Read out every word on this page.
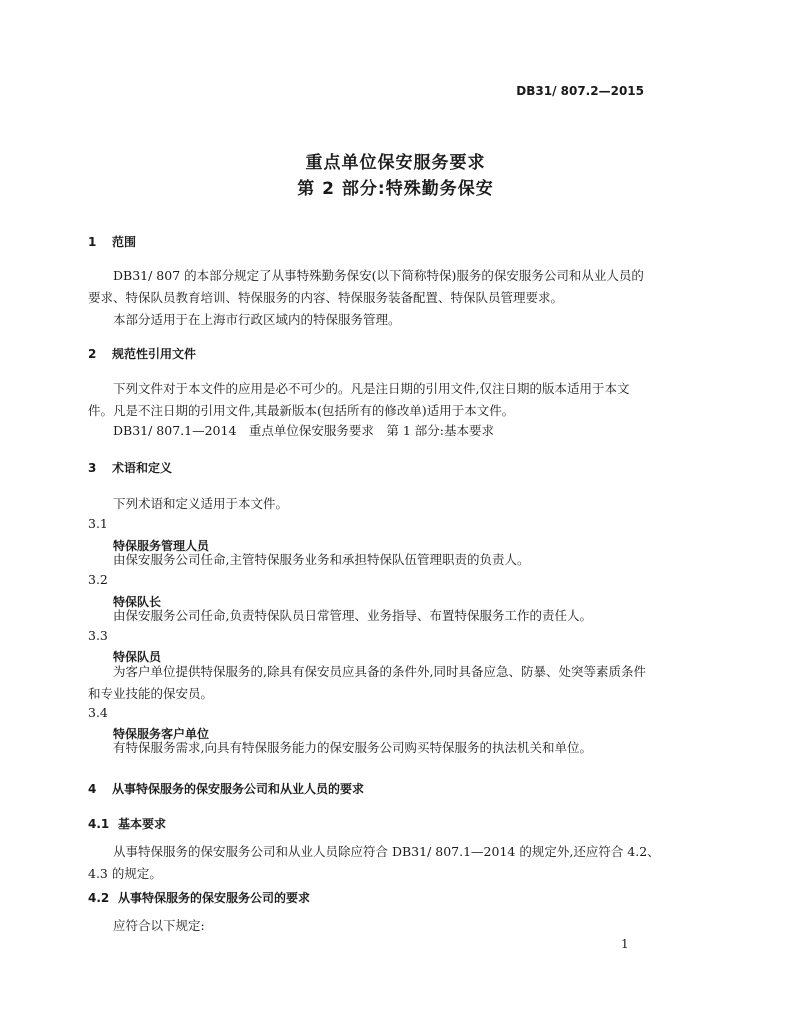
DB31/ 807.2—2015
重点单位保安服务要求
第 2 部分:特殊勤务保安
1 范围
DB31/ 807 的本部分规定了从事特殊勤务保安(以下简称特保)服务的保安服务公司和从业人员的
要求、特保队员教育培训、特保服务的内容、特保服务装备配置、特保队员管理要求。
本部分适用于在上海市行政区域内的特保服务管理。
2 规范性引用文件
下列文件对于本文件的应用是必不可少的。凡是注日期的引用文件,仅注日期的版本适用于本文
件。凡是不注日期的引用文件,其最新版本(包括所有的修改单)适用于本文件。
DB31/ 807.1—2014　重点单位保安服务要求　第 1 部分:基本要求
3 术语和定义
下列术语和定义适用于本文件。
3.1
特保服务管理人员
由保安服务公司任命,主管特保服务业务和承担特保队伍管理职责的负责人。
3.2
特保队长
由保安服务公司任命,负责特保队员日常管理、业务指导、布置特保服务工作的责任人。
3.3
特保队员
为客户单位提供特保服务的,除具有保安员应具备的条件外,同时具备应急、防暴、处突等素质条件
和专业技能的保安员。
3.4
特保服务客户单位
有特保服务需求,向具有特保服务能力的保安服务公司购买特保服务的执法机关和单位。
4 从事特保服务的保安服务公司和从业人员的要求
4.1 基本要求
从事特保服务的保安服务公司和从业人员除应符合 DB31/ 807.1—2014 的规定外,还应符合 4.2、
4.3 的规定。
4.2 从事特保服务的保安服务公司的要求
应符合以下规定:
1
